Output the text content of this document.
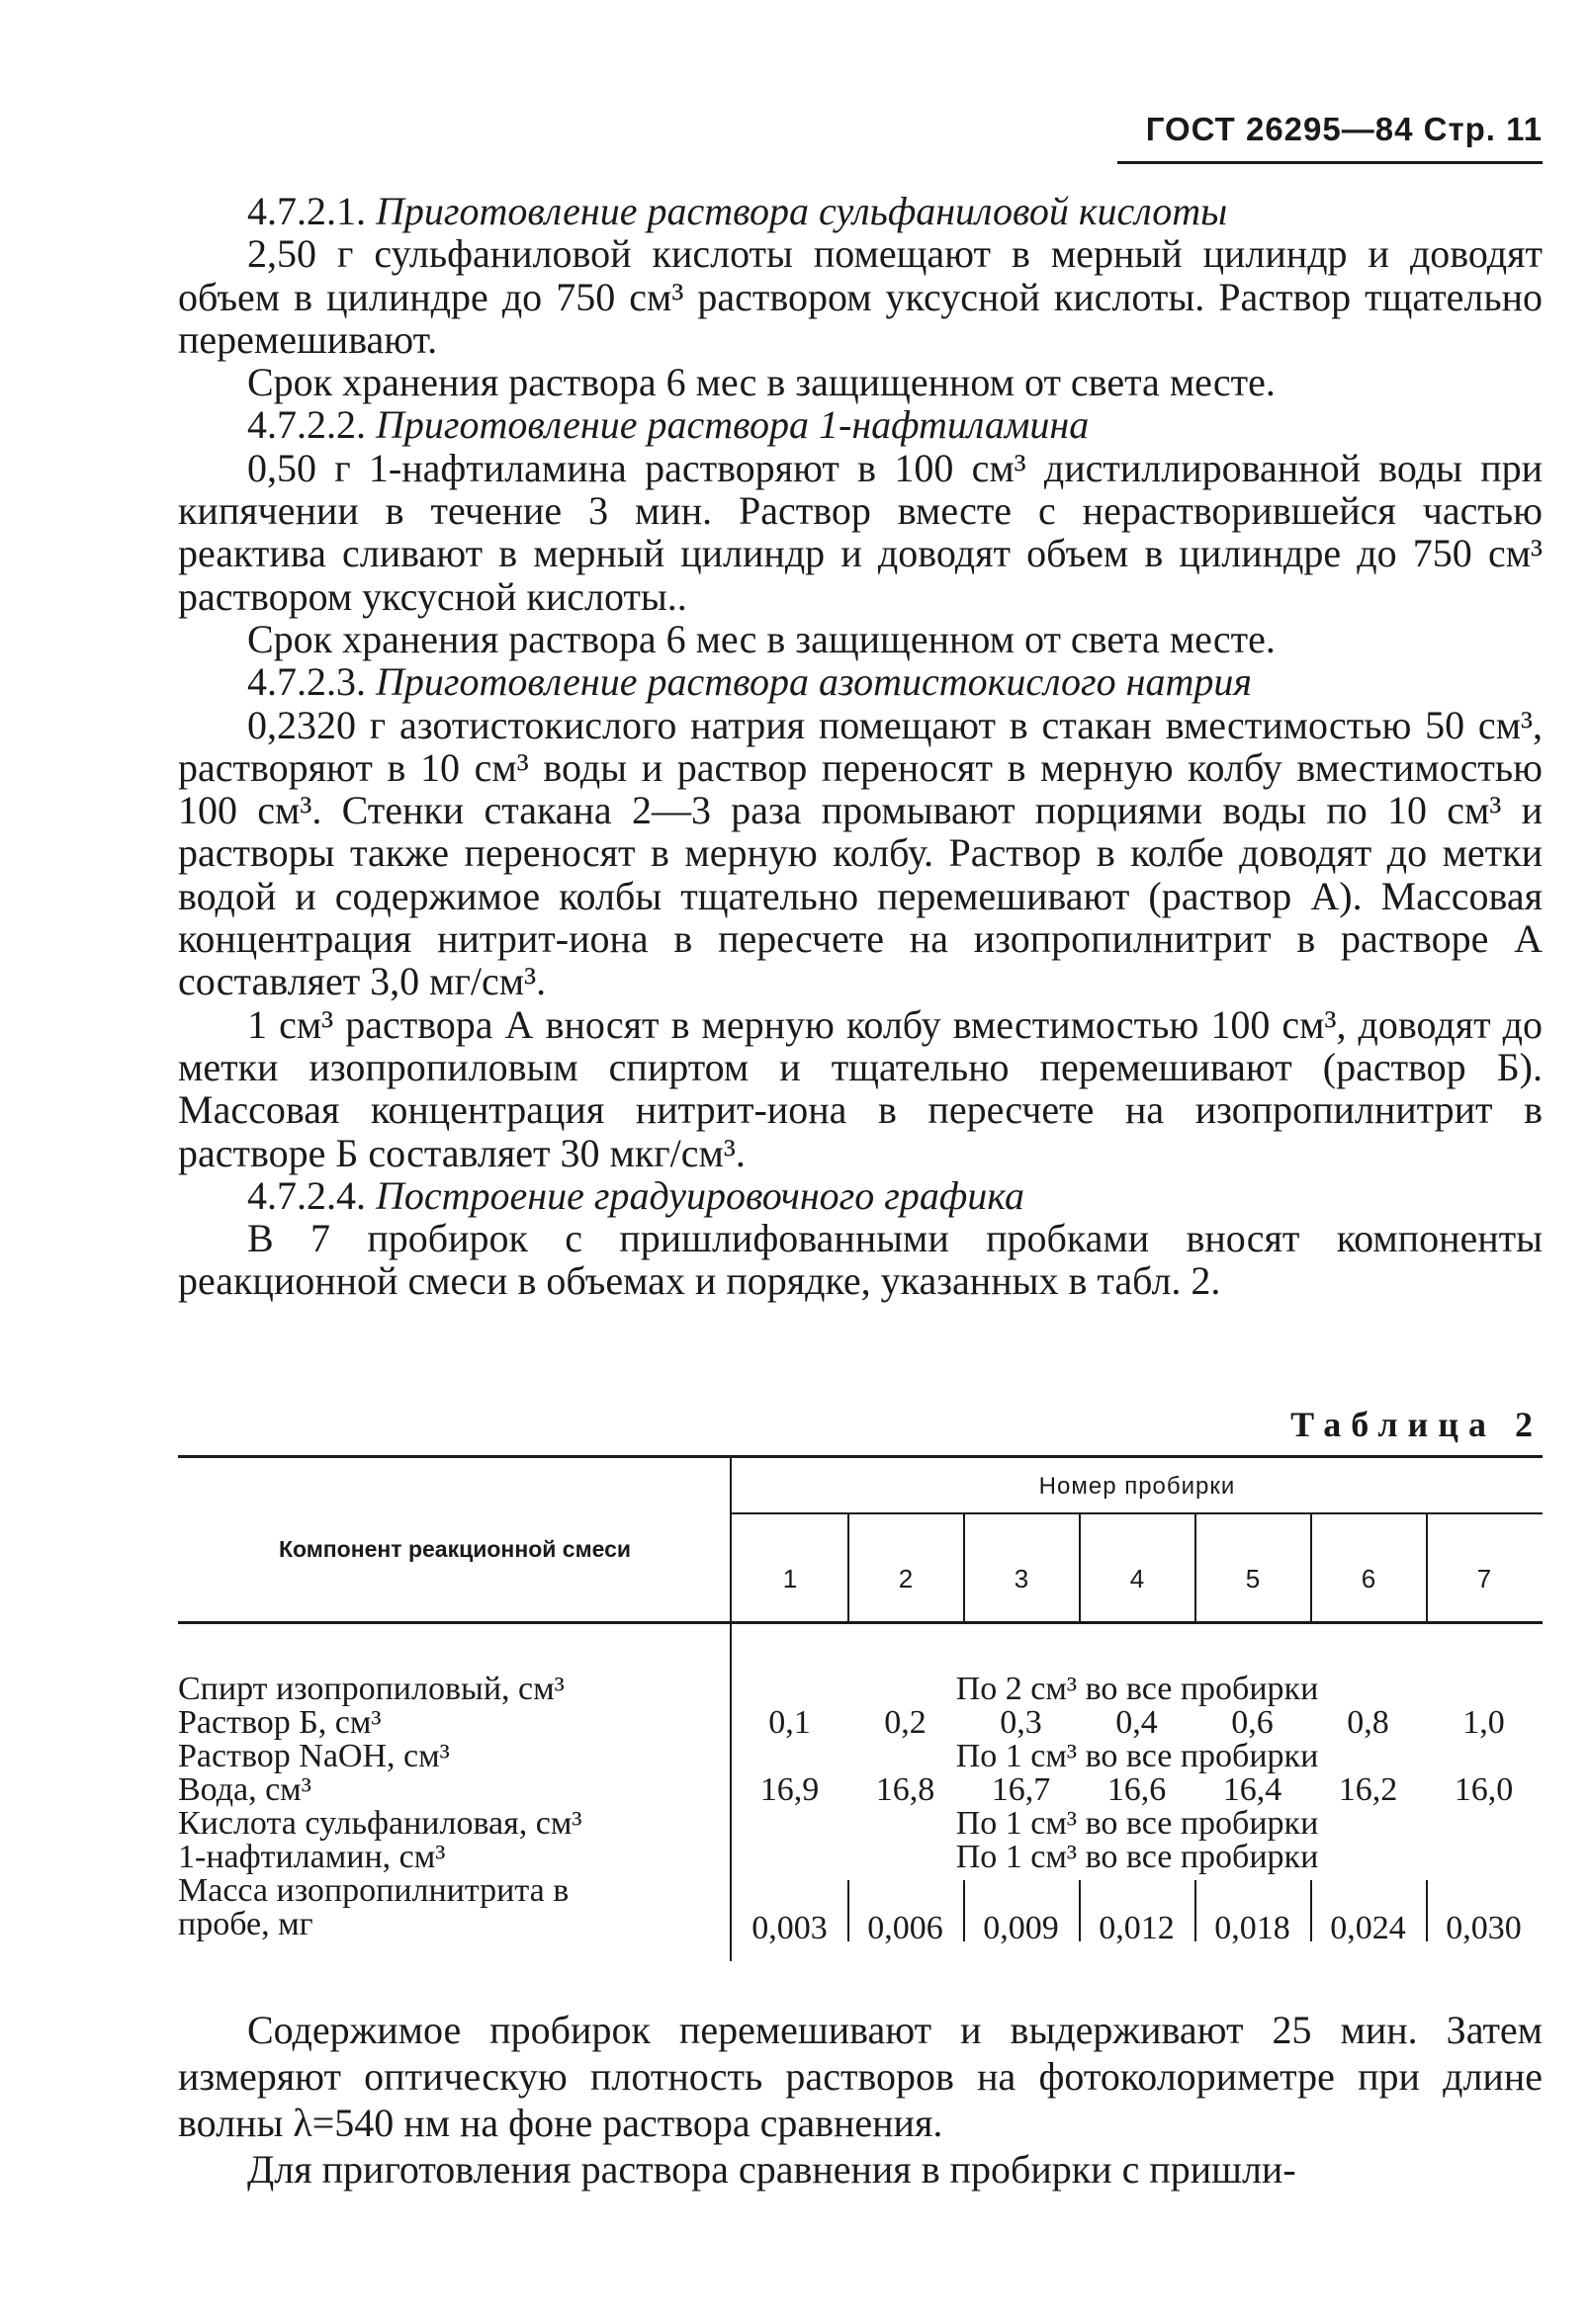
ГОСТ 26295—84 Стр. 11

4.7.2.1. Приготовление раствора сульфаниловой кислоты

2,50 г сульфаниловой кислоты помещают в мерный цилиндр и доводят объем в цилиндре до 750 см³ раствором уксусной кислоты. Раствор тщательно перемешивают.

Срок хранения раствора 6 мес в защищенном от света месте.

4.7.2.2. Приготовление раствора 1-нафтиламина

0,50 г 1-нафтиламина растворяют в 100 см³ дистиллированной воды при кипячении в течение 3 мин. Раствор вместе с нерастворившейся частью реактива сливают в мерный цилиндр и доводят объем в цилиндре до 750 см³ раствором уксусной кислоты..

Срок хранения раствора 6 мес в защищенном от света месте.

4.7.2.3. Приготовление раствора азотистокислого натрия

0,2320 г азотистокислого натрия помещают в стакан вместимостью 50 см³, растворяют в 10 см³ воды и раствор переносят в мерную колбу вместимостью 100 см³. Стенки стакана 2—3 раза промывают порциями воды по 10 см³ и растворы также переносят в мерную колбу. Раствор в колбе доводят до метки водой и содержимое колбы тщательно перемешивают (раствор А). Массовая концентрация нитрит-иона в пересчете на изопропилнитрит в растворе А составляет 3,0 мг/см³.

1 см³ раствора А вносят в мерную колбу вместимостью 100 см³, доводят до метки изопропиловым спиртом и тщательно перемешивают (раствор Б). Массовая концентрация нитрит-иона в пересчете на изопропилнитрит в растворе Б составляет 30 мкг/см³.

4.7.2.4. Построение градуировочного графика

В 7 пробирок с пришлифованными пробками вносят компоненты реакционной смеси в объемах и порядке, указанных в табл. 2.

Таблица 2
Компонент реакционной смеси
Номер пробирки
1	2	3	4	5	6	7
Спирт изопропиловый, см³	По 2 см³ во все пробирки
Раствор Б, см³	0,1	0,2	0,3	0,4	0,6	0,8	1,0
Раствор NaOH, см³	По 1 см³ во все пробирки
Вода, см³	16,9	16,8	16,7	16,6	16,4	16,2	16,0
Кислота сульфаниловая, см³	По 1 см³ во все пробирки
1-нафтиламин, см³	По 1 см³ во все пробирки
Масса изопропилнитрита в
пробе, мг	0,003	0,006	0,009	0,012	0,018	0,024	0,030

Содержимое пробирок перемешивают и выдерживают 25 мин. Затем измеряют оптическую плотность растворов на фотоколориметре при длине волны λ=540 нм на фоне раствора сравнения.

Для приготовления раствора сравнения в пробирки с пришли-
